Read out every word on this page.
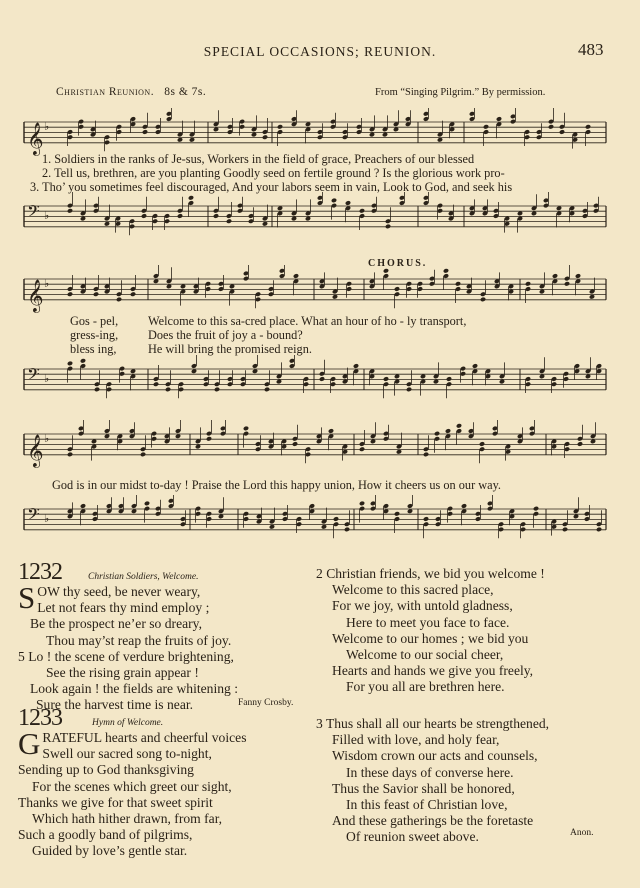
SPECIAL OCCASIONS; REUNION.	483
Christian Reunion. 8s & 7s.	From “Singing Pilgrim.” By permission.
𝄞 ♭
1. Soldiers in the ranks of Je-sus, Workers in the field of grace, Preachers of our blessed
2. Tell us, brethren, are you planting Goodly seed on fertile ground ? Is the glorious work pro-
3. Tho’ you sometimes feel discouraged, And your labors seem in vain, Look to God, and seek his
𝄢 ♭
CHORUS.
𝄞 ♭
Gos - pel,
gress-ing,
bless ing,
Welcome to this sa-cred place. What an hour of ho - ly transport,
Does the fruit of joy a - bound?
He will bring the promised reign.
𝄢 ♭
𝄞 ♭
God is in our midst to-day ! Praise the Lord this happy union, How it cheers us on our way.
𝄢 ♭
1232	Christian Soldiers, Welcome.
SOW thy seed, be never weary,
Let not fears thy mind employ ;
Be the prospect ne’er so dreary,
Thou may’st reap the fruits of joy.
5 Lo ! the scene of verdure brightening,
See the rising grain appear !
Look again ! the fields are whitening :
Sure the harvest time is near.	Fanny Crosby.
1233	Hymn of Welcome.
GRATEFUL hearts and cheerful voices
Swell our sacred song to-night,
Sending up to God thanksgiving
For the scenes which greet our sight,
Thanks we give for that sweet spirit
Which hath hither drawn, from far,
Such a goodly band of pilgrims,
Guided by love’s gentle star.
2 Christian friends, we bid you welcome !
Welcome to this sacred place,
For we joy, with untold gladness,
Here to meet you face to face.
Welcome to our homes ; we bid you
Welcome to our social cheer,
Hearts and hands we give you freely,
For you all are brethren here.
3 Thus shall all our hearts be strengthened,
Filled with love, and holy fear,
Wisdom crown our acts and counsels,
In these days of converse here.
Thus the Savior shall be honored,
In this feast of Christian love,
And these gatherings be the foretaste
Of reunion sweet above.	Anon.
